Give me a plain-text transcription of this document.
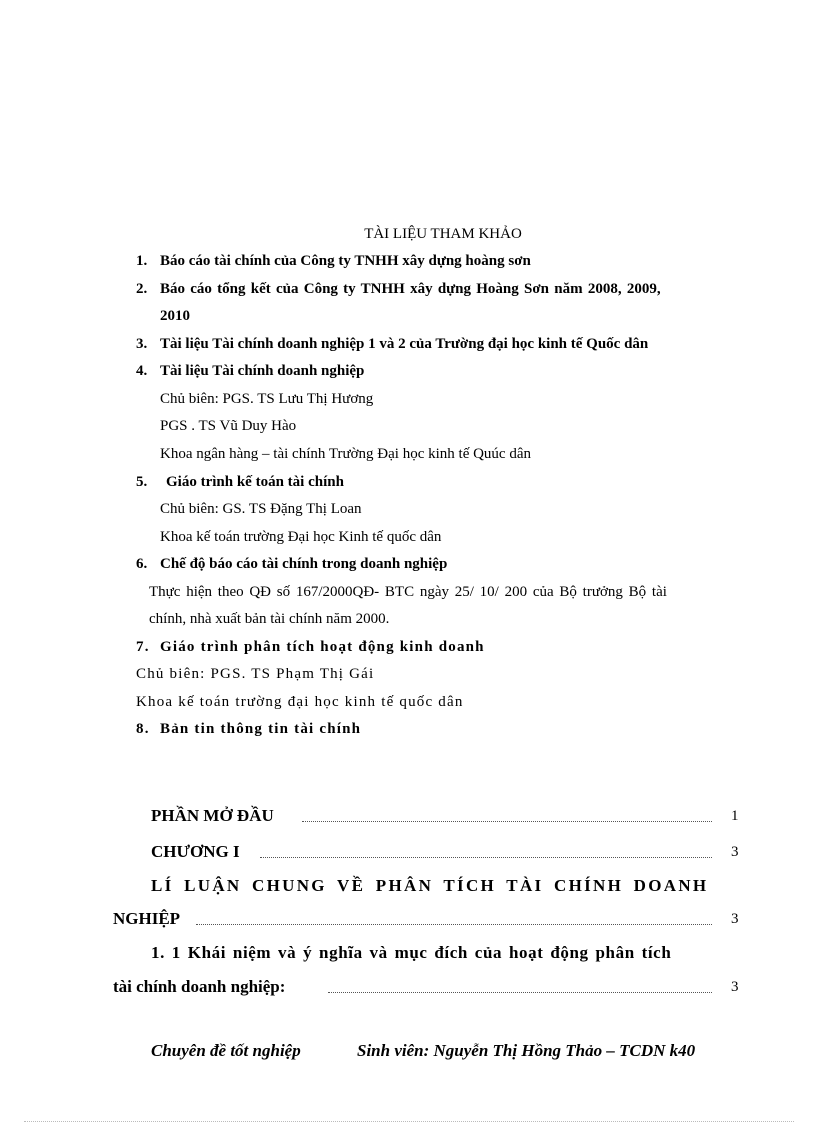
TÀI LIỆU THAM KHẢO
1. Báo cáo tài chính của Công ty TNHH xây dựng hoàng sơn
2. Báo cáo tổng kết của Công ty TNHH xây dựng Hoàng Sơn năm 2008, 2009,
2010
3. Tài liệu Tài chính doanh nghiệp 1 và 2 của Trường đại học kinh tế Quốc dân
4. Tài liệu Tài chính doanh nghiệp
Chủ biên: PGS. TS Lưu Thị Hương
PGS . TS Vũ Duy Hào
Khoa ngân hàng – tài chính Trường Đại học kinh tế Quúc dân
5. Giáo trình kế toán tài chính
Chủ biên: GS. TS Đặng Thị Loan
Khoa kế toán trường Đại học Kinh tế quốc dân
6. Chế độ báo cáo tài chính trong doanh nghiệp
Thực hiện theo QĐ số 167/2000QĐ- BTC ngày 25/ 10/ 200 của Bộ trưởng Bộ tài
chính, nhà xuất bản tài chính năm 2000.
7. Giáo trình phân tích hoạt động kinh doanh
Chủ biên: PGS. TS Phạm Thị Gái
Khoa kế toán trường đại học kinh tế quốc dân
8. Bản tin thông tin tài chính
PHẦN MỞ ĐẦU	1
CHƯƠNG I	3
LÍ LUẬN CHUNG VỀ PHÂN TÍCH TÀI CHÍNH DOANH
NGHIỆP	3
1. 1 Khái niệm và ý nghĩa và mục đích của hoạt động phân tích
tài chính doanh nghiệp:	3
Chuyên đề tốt nghiệp	Sinh viên: Nguyễn Thị Hồng Thảo – TCDN k40
